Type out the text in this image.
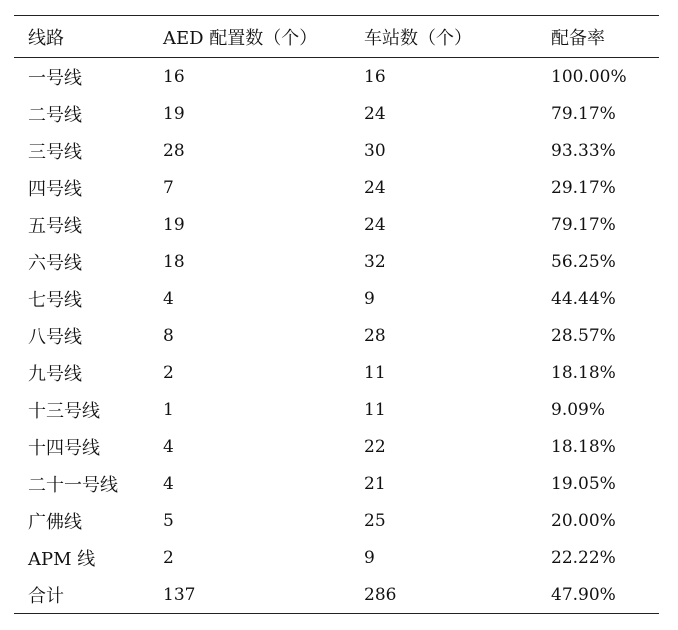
线路	AED 配置数（个）	车站数（个）	配备率
一号线	16	16	100.00%
二号线	19	24	79.17%
三号线	28	30	93.33%
四号线	7	24	29.17%
五号线	19	24	79.17%
六号线	18	32	56.25%
七号线	4	9	44.44%
八号线	8	28	28.57%
九号线	2	11	18.18%
十三号线	1	11	9.09%
十四号线	4	22	18.18%
二十一号线	4	21	19.05%
广佛线	5	25	20.00%
APM 线	2	9	22.22%
合计	137	286	47.90%
